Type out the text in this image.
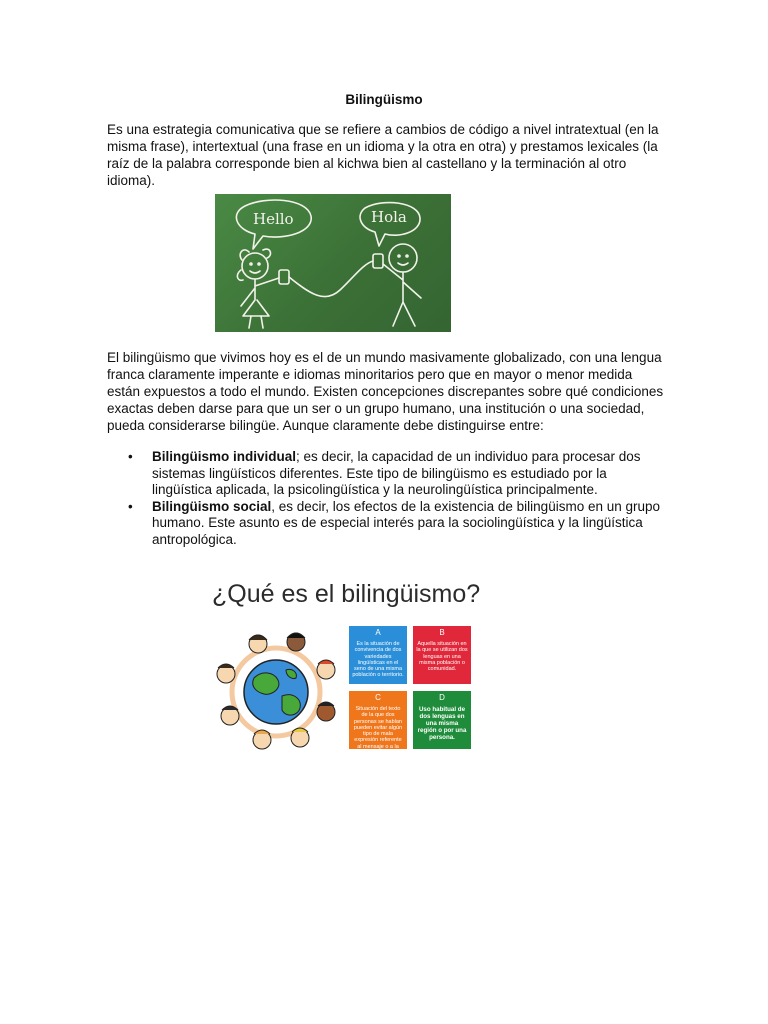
Bilingüismo

Es una estrategia comunicativa que se refiere a cambios de código a nivel intratextual (en la misma frase), intertextual (una frase en un idioma y la otra en otra) y prestamos lexicales (la raíz de la palabra corresponde bien al kichwa bien al castellano y la terminación al otro idioma).

Hello	Hola

El bilingüismo que vivimos hoy es el de un mundo masivamente globalizado, con una lengua franca claramente imperante e idiomas minoritarios pero que en mayor o menor medida están expuestos a todo el mundo. Existen concepciones discrepantes sobre qué condiciones exactas deben darse para que un ser o un grupo humano, una institución o una sociedad, pueda considerarse bilingüe. Aunque claramente debe distinguirse entre:

• Bilingüismo individual; es decir, la capacidad de un individuo para procesar dos sistemas lingüísticos diferentes. Este tipo de bilingüismo es estudiado por la lingüística aplicada, la psicolingüística y la neurolingüística principalmente.
• Bilingüismo social, es decir, los efectos de la existencia de bilingüismo en un grupo humano. Este asunto es de especial interés para la sociolingüística y la lingüística antropológica.
¿Qué es el bilingüismo?
A
Es la situación de convivencia de dos variedades lingüísticas en el seno de una misma población o territorio.
B
Aquella situación en la que se utilizan dos lenguas en una misma población o comunidad.
C
Situación del texto de la que dos personas se hablan pueden evitar algún tipo de mala expresión referente al mensaje o a la propia persona.
D
Uso habitual de dos lenguas en una misma región o por una persona.
